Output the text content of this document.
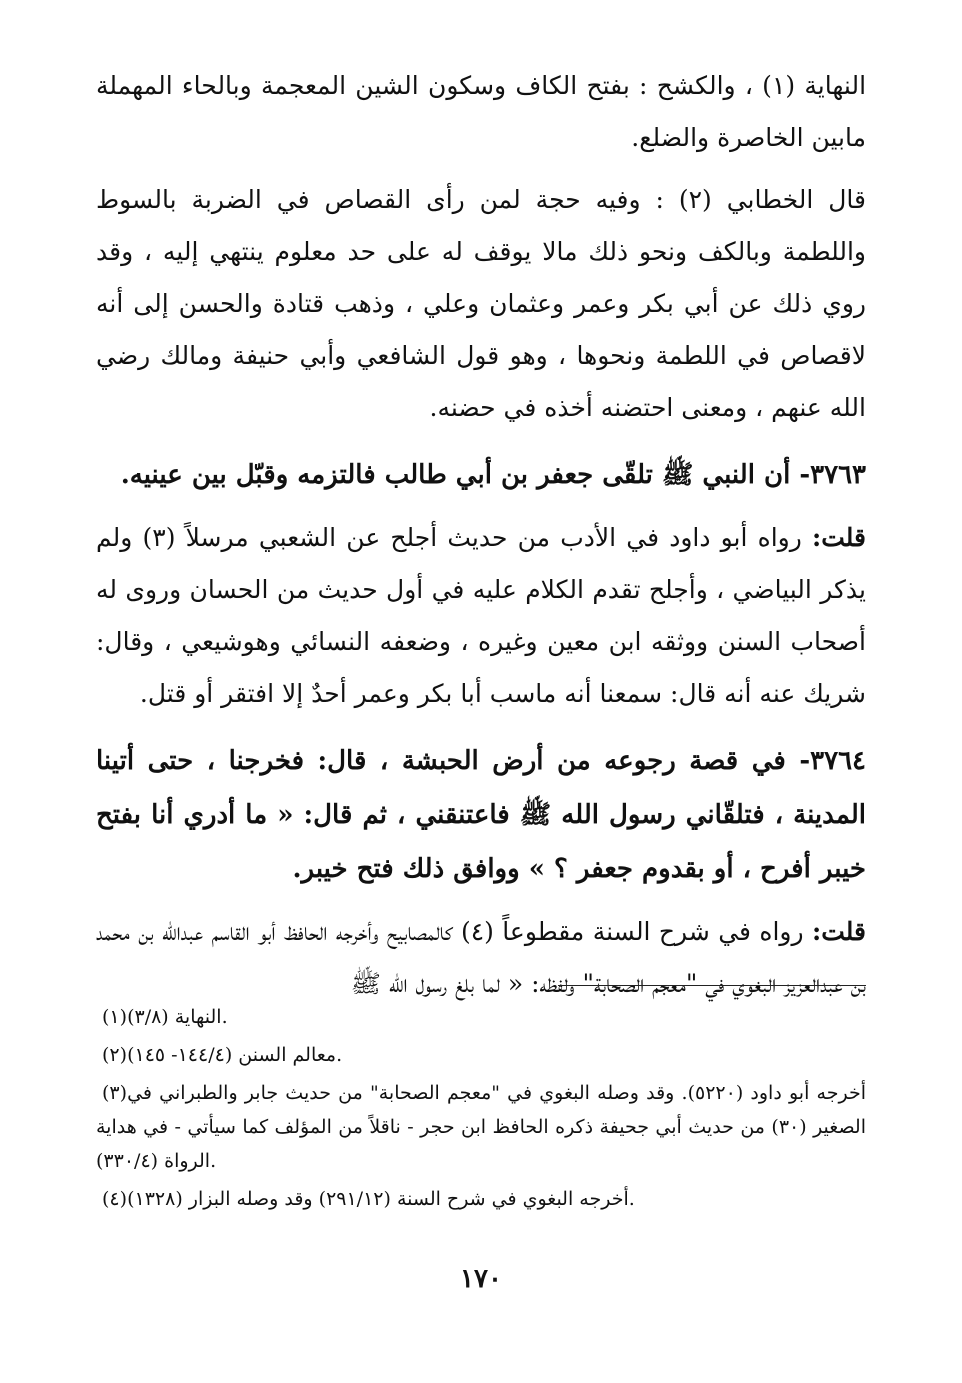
النهاية (١) ، والكشح : بفتح الكاف وسكون الشين المعجمة وبالحاء المهملة مابين الخاصرة والضلع.

قال الخطابي (٢) : وفيه حجة لمن رأى القصاص في الضربة بالسوط واللطمة وبالكف ونحو ذلك مالا يوقف له على حد معلوم ينتهي إليه ، وقد روي ذلك عن أبي بكر وعمر وعثمان وعلي ، وذهب قتادة والحسن إلى أنه لاقصاص في اللطمة ونحوها ، وهو قول الشافعي وأبي حنيفة ومالك رضي الله عنهم ، ومعنى احتضنه أخذه في حضنه.

٣٧٦٣- أن النبي ﷺ تلقّى جعفر بن أبي طالب فالتزمه وقبّل بين عينيه.

قلت: رواه أبو داود في الأدب من حديث أجلح عن الشعبي مرسلاً (٣) ولم يذكر البياضي ، وأجلح تقدم الكلام عليه في أول حديث من الحسان وروى له أصحاب السنن ووثقه ابن معين وغيره ، وضعفه النسائي وهوشيعي ، وقال: شريك عنه أنه قال: سمعنا أنه ماسب أبا بكر وعمر أحدٌ إلا افتقر أو قتل.

٣٧٦٤- في قصة رجوعه من أرض الحبشة ، قال: فخرجنا ، حتى أتينا المدينة ، فتلقّاني رسول الله ﷺ فاعتنقني ، ثم قال: « ما أدري أنا بفتح خيبر أفرح ، أو بقدوم جعفر ؟ » ووافق ذلك فتح خيبر.

قلت: رواه في شرح السنة مقطوعاً (٤) كالمصابيح وأخرجه الحافظ أبو القاسم عبدالله بن محمد بن عبدالعزيز البغوي في "معجم الصحابة" ولفظه: « لما بلغ رسول الله ﷺ

(١)النهاية (٣/٨).

(٢)معالم السنن (١٤٤/٤- ١٤٥).

(٣)أخرجه أبو داود (٥٢٢٠). وقد وصله البغوي في "معجم الصحابة" من حديث جابر والطبراني في الصغير (٣٠) من حديث أبي جحيفة ذكره الحافظ ابن حجر - ناقلاً من المؤلف كما سيأتي - في هداية الرواة (٣٣٠/٤).

(٤)أخرجه البغوي في شرح السنة (٢٩١/١٢) وقد وصله البزار (١٣٢٨).

١٧٠
